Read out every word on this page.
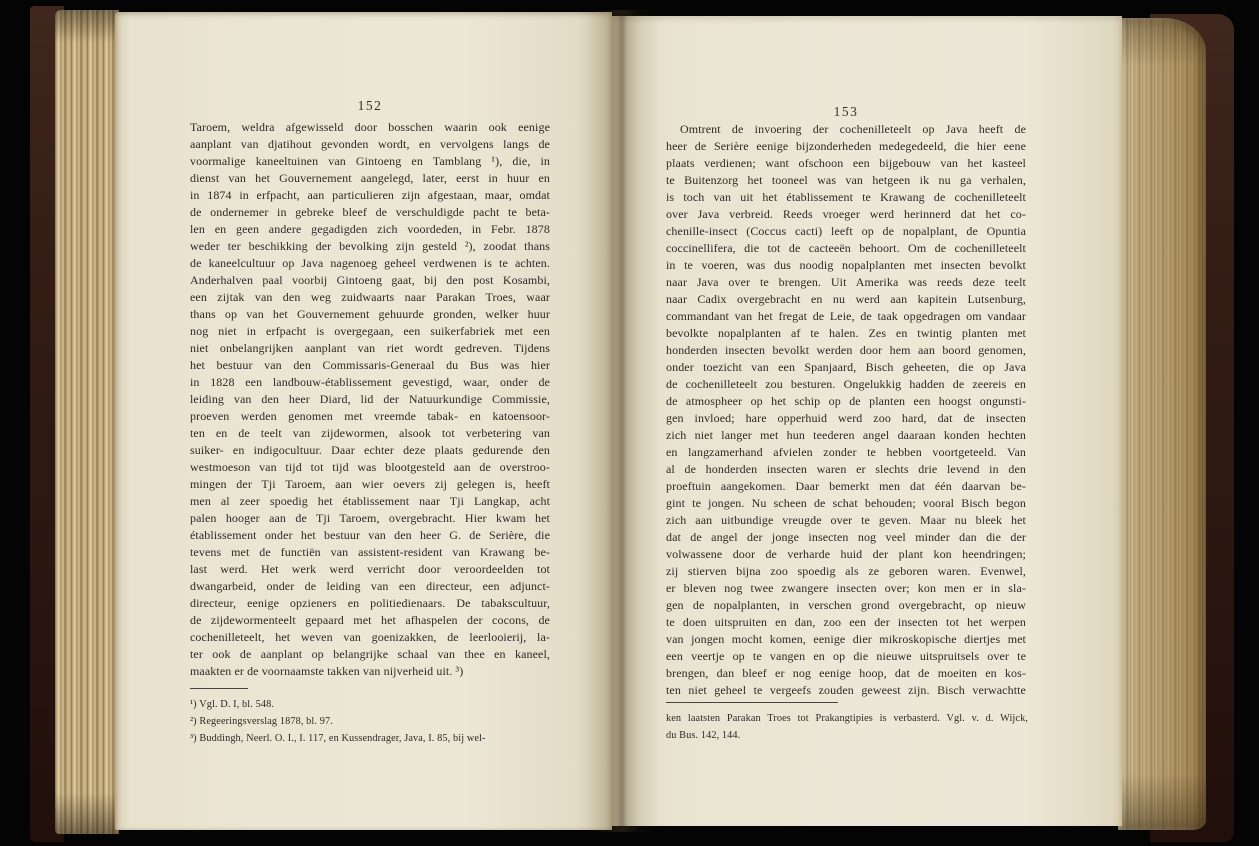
152
Taroem, weldra afgewisseld door bosschen waarin ook eenige
aanplant van djatihout gevonden wordt, en vervolgens langs de
voormalige kaneeltuinen van Gintoeng en Tamblang ¹), die, in
dienst van het Gouvernement aangelegd, later, eerst in huur en
in 1874 in erfpacht, aan particulieren zijn afgestaan, maar, omdat
de ondernemer in gebreke bleef de verschuldigde pacht te beta-
len en geen andere gegadigden zich voordeden, in Febr. 1878
weder ter beschikking der bevolking zijn gesteld ²), zoodat thans
de kaneelcultuur op Java nagenoeg geheel verdwenen is te achten.
Anderhalven paal voorbij Gintoeng gaat, bij den post Kosambi,
een zijtak van den weg zuidwaarts naar Parakan Troes, waar
thans op van het Gouvernement gehuurde gronden, welker huur
nog niet in erfpacht is overgegaan, een suikerfabriek met een
niet onbelangrijken aanplant van riet wordt gedreven. Tijdens
het bestuur van den Commissaris-Generaal du Bus was hier
in 1828 een landbouw-établissement gevestigd, waar, onder de
leiding van den heer Diard, lid der Natuurkundige Commissie,
proeven werden genomen met vreemde tabak- en katoensoor-
ten en de teelt van zijdewormen, alsook tot verbetering van
suiker- en indigocultuur. Daar echter deze plaats gedurende den
westmoeson van tijd tot tijd was blootgesteld aan de overstroo-
mingen der Tji Taroem, aan wier oevers zij gelegen is, heeft
men al zeer spoedig het établissement naar Tji Langkap, acht
palen hooger aan de Tji Taroem, overgebracht. Hier kwam het
établissement onder het bestuur van den heer G. de Serière, die
tevens met de functiën van assistent-resident van Krawang be-
last werd. Het werk werd verricht door veroordeelden tot
dwangarbeid, onder de leiding van een directeur, een adjunct-
directeur, eenige opzieners en politiedienaars. De tabakscultuur,
de zijdewormenteelt gepaard met het afhaspelen der cocons, de
cochenilleteelt, het weven van goenizakken, de leerlooierij, la-
ter ook de aanplant op belangrijke schaal van thee en kaneel,
maakten er de voornaamste takken van nijverheid uit. ³)
¹) Vgl. D. I, bl. 548.
²) Regeeringsverslag 1878, bl. 97.
³) Buddingh, Neerl. O. I., I. 117, en Kussendrager, Java, I. 85, bij wel-
153
Omtrent de invoering der cochenilleteelt op Java heeft de
heer de Serière eenige bijzonderheden medegedeeld, die hier eene
plaats verdienen; want ofschoon een bijgebouw van het kasteel
te Buitenzorg het tooneel was van hetgeen ik nu ga verhalen,
is toch van uit het établissement te Krawang de cochenilleteelt
over Java verbreid. Reeds vroeger werd herinnerd dat het co-
chenille-insect (Coccus cacti) leeft op de nopalplant, de Opuntia
coccinellifera, die tot de cacteeën behoort. Om de cochenilleteelt
in te voeren, was dus noodig nopalplanten met insecten bevolkt
naar Java over te brengen. Uit Amerika was reeds deze teelt
naar Cadix overgebracht en nu werd aan kapitein Lutsenburg,
commandant van het fregat de Leie, de taak opgedragen om vandaar
bevolkte nopalplanten af te halen. Zes en twintig planten met
honderden insecten bevolkt werden door hem aan boord genomen,
onder toezicht van een Spanjaard, Bisch geheeten, die op Java
de cochenilleteelt zou besturen. Ongelukkig hadden de zeereis en
de atmospheer op het schip op de planten een hoogst ongunsti-
gen invloed; hare opperhuid werd zoo hard, dat de insecten
zich niet langer met hun teederen angel daaraan konden hechten
en langzamerhand afvielen zonder te hebben voortgeteeld. Van
al de honderden insecten waren er slechts drie levend in den
proeftuin aangekomen. Daar bemerkt men dat één daarvan be-
gint te jongen. Nu scheen de schat behouden; vooral Bisch begon
zich aan uitbundige vreugde over te geven. Maar nu bleek het
dat de angel der jonge insecten nog veel minder dan die der
volwassene door de verharde huid der plant kon heendringen;
zij stierven bijna zoo spoedig als ze geboren waren. Evenwel,
er bleven nog twee zwangere insecten over; kon men er in sla-
gen de nopalplanten, in verschen grond overgebracht, op nieuw
te doen uitspruiten en dan, zoo een der insecten tot het werpen
van jongen mocht komen, eenige dier mikroskopische diertjes met
een veertje op te vangen en op die nieuwe uitspruitsels over te
brengen, dan bleef er nog eenige hoop, dat de moeiten en kos-
ten niet geheel te vergeefs zouden geweest zijn. Bisch verwachtte
ken laatsten Parakan Troes tot Prakangtipies is verbasterd. Vgl. v. d. Wijck,
du Bus. 142, 144.
